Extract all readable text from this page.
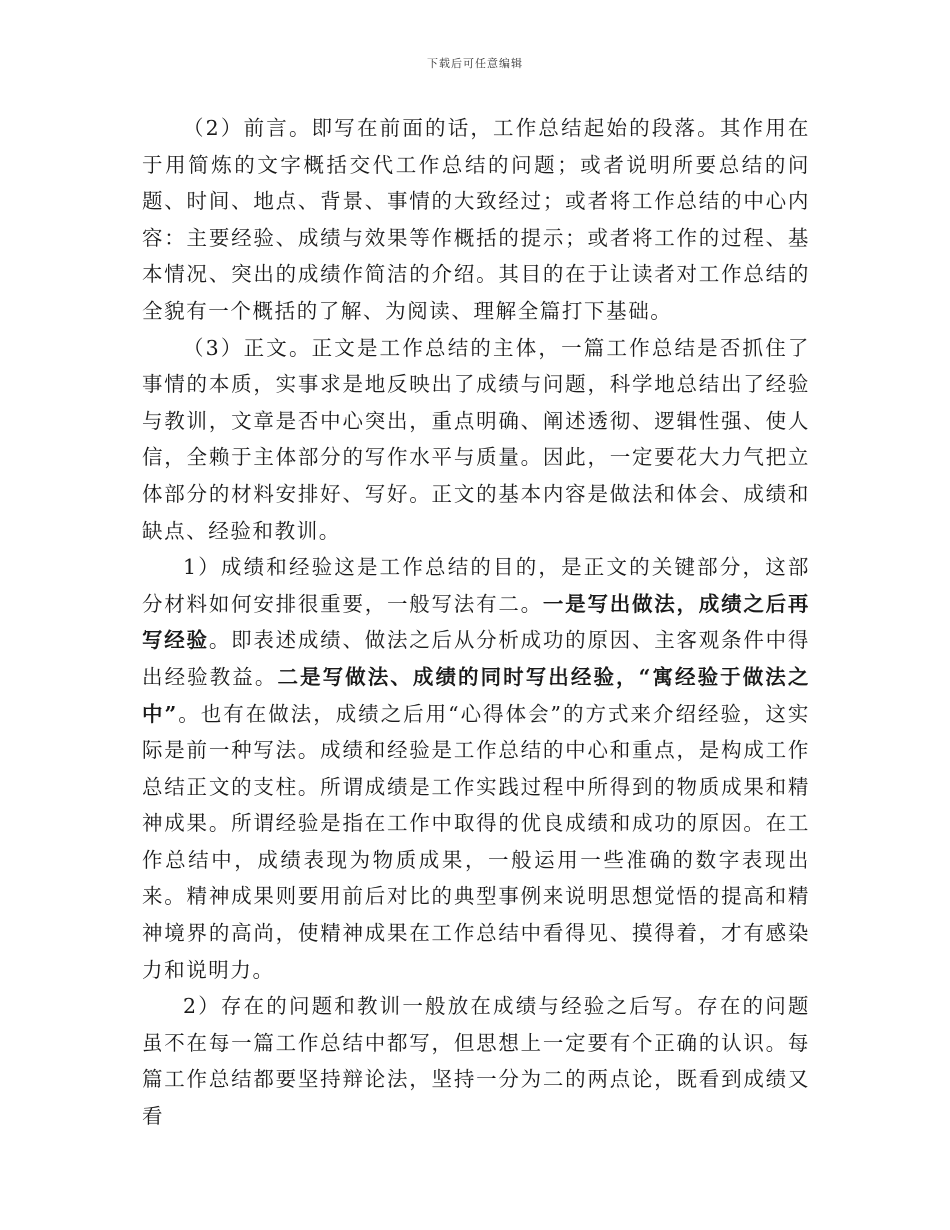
下载后可任意编辑

（2）前言。即写在前面的话，工作总结起始的段落。其作用在于用简炼的文字概括交代工作总结的问题；或者说明所要总结的问题、时间、地点、背景、事情的大致经过；或者将工作总结的中心内容：主要经验、成绩与效果等作概括的提示；或者将工作的过程、基本情况、突出的成绩作简洁的介绍。其目的在于让读者对工作总结的全貌有一个概括的了解、为阅读、理解全篇打下基础。

（3）正文。正文是工作总结的主体，一篇工作总结是否抓住了事情的本质，实事求是地反映出了成绩与问题，科学地总结出了经验与教训，文章是否中心突出，重点明确、阐述透彻、逻辑性强、使人信，全赖于主体部分的写作水平与质量。因此，一定要花大力气把立体部分的材料安排好、写好。正文的基本内容是做法和体会、成绩和缺点、经验和教训。

1）成绩和经验这是工作总结的目的，是正文的关键部分，这部分材料如何安排很重要，一般写法有二。一是写出做法，成绩之后再写经验。即表述成绩、做法之后从分析成功的原因、主客观条件中得出经验教益。二是写做法、成绩的同时写出经验，“寓经验于做法之中”。也有在做法，成绩之后用“心得体会”的方式来介绍经验，这实际是前一种写法。成绩和经验是工作总结的中心和重点，是构成工作总结正文的支柱。所谓成绩是工作实践过程中所得到的物质成果和精神成果。所谓经验是指在工作中取得的优良成绩和成功的原因。在工作总结中，成绩表现为物质成果，一般运用一些准确的数字表现出来。精神成果则要用前后对比的典型事例来说明思想觉悟的提高和精神境界的高尚，使精神成果在工作总结中看得见、摸得着，才有感染力和说明力。

2）存在的问题和教训一般放在成绩与经验之后写。存在的问题虽不在每一篇工作总结中都写，但思想上一定要有个正确的认识。每篇工作总结都要坚持辩论法，坚持一分为二的两点论，既看到成绩又看
